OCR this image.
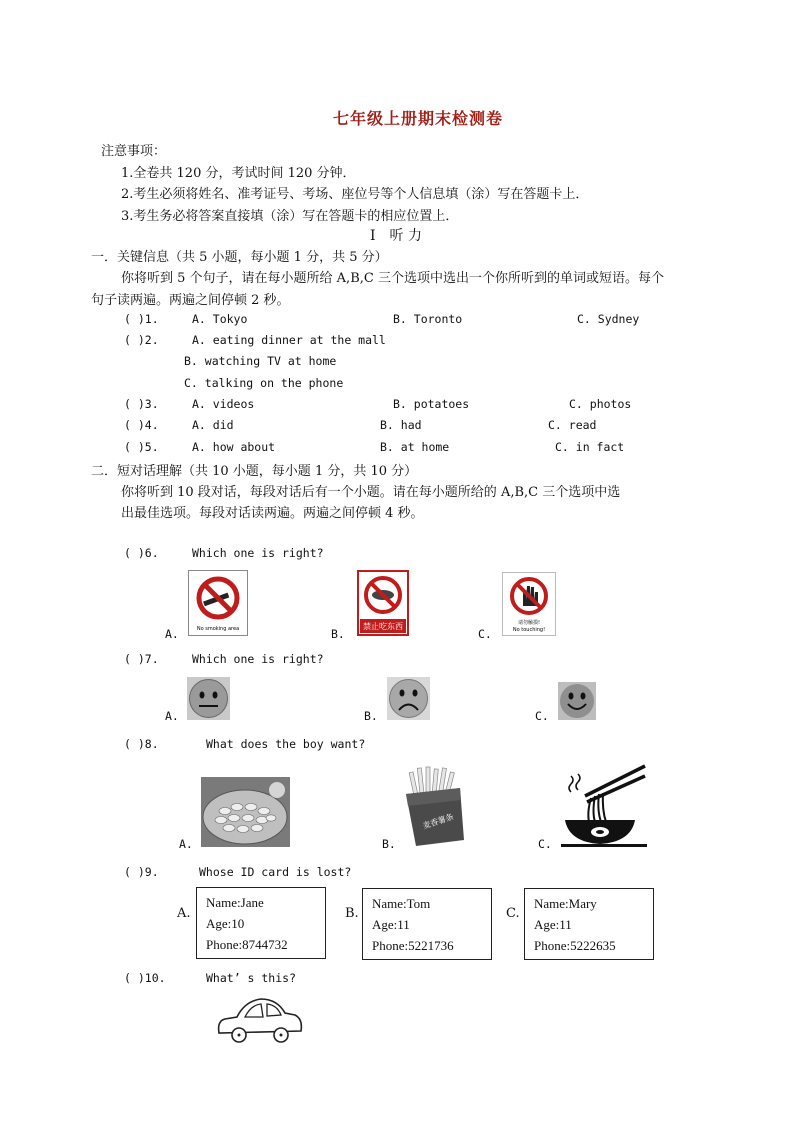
七年级上册期末检测卷
注意事项：
1.全卷共 120 分，考试时间 120 分钟．
2.考生必须将姓名、准考证号、考场、座位号等个人信息填（涂）写在答题卡上．
3.考生务必将答案直接填（涂）写在答题卡的相应位置上．
I　听 力
一．关键信息（共 5 小题，每小题 1 分，共 5 分）
你将听到 5 个句子，请在每小题所给 A,B,C 三个选项中选出一个你所听到的单词或短语。每个
句子读两遍。两遍之间停顿 2 秒。
( )1.	A. Tokyo	B. Toronto	C. Sydney
( )2.	A. eating dinner at the mall
B. watching TV at home
C. talking on the phone
( )3.	A. videos	B. potatoes	C. photos
( )4.	A. did	B. had	C. read
( )5.	A. how about	B. at home	C. in fact
二．短对话理解（共 10 小题，每小题 1 分，共 10 分）
你将听到 10 段对话，每段对话后有一个小题。请在每小题所给的 A,B,C 三个选项中选
出最佳选项。每段对话读两遍。两遍之间停顿 4 秒。
( )6.	Which one is right?
A.	B.	C.
No smoking area	禁止吃东西	请勿触摸!
No touching!
( )7.	Which one is right?
A.	B.	C.
( )8.	What does the boy want?
A.	B.	C.
麦香薯条
( )9.	Whose ID card is lost?
A.
Name:Jane
Age:10
Phone:8744732
B.
Name:Tom
Age:11
Phone:5221736
C.
Name:Mary
Age:11
Phone:5222635
( )10.	What’ s this?
